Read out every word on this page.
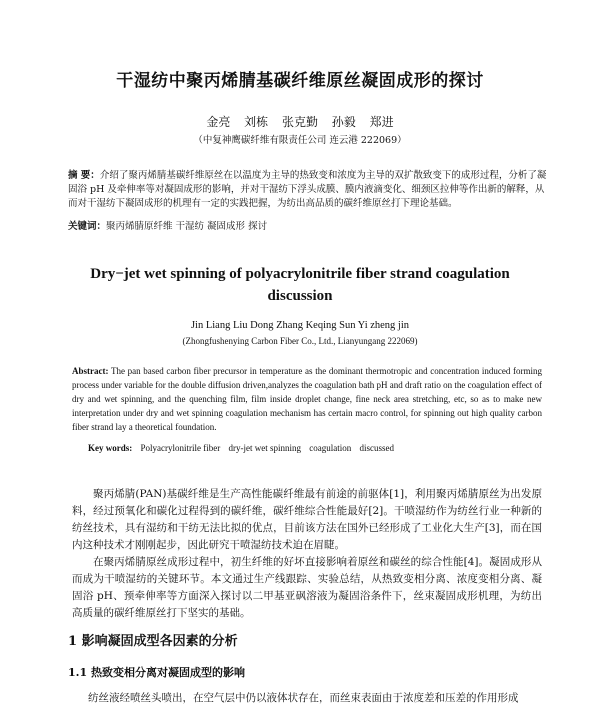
干湿纺中聚丙烯腈基碳纤维原丝凝固成形的探讨
金亮 刘栋 张克勤 孙毅 郑进
（中复神鹰碳纤维有限责任公司 连云港 222069）
摘 要：介绍了聚丙烯腈基碳纤维原丝在以温度为主导的热致变和浓度为主导的双扩散致变下的成形过程，分析了凝固浴 pH 及牵伸率等对凝固成形的影响，并对干湿纺下浮头成膜、膜内液滴变化、细颈区拉伸等作出新的解释，从而对干湿纺下凝固成形的机理有一定的实践把握，为纺出高品质的碳纤维原丝打下理论基础。
关键词：聚丙烯腈原纤维 干湿纺 凝固成形 探讨
Dry−jet wet spinning of polyacrylonitrile fiber strand coagulation discussion
Jin Liang Liu Dong Zhang Keqing Sun Yi zheng jin
(Zhongfushenying Carbon Fiber Co., Ltd., Lianyungang 222069)
Abstract: The pan based carbon fiber precursor in temperature as the dominant thermotropic and concentration induced forming process under variable for the double diffusion driven,analyzes the coagulation bath pH and draft ratio on the coagulation effect of dry and wet spinning, and the quenching film, film inside droplet change, fine neck area stretching, etc, so as to make new interpretation under dry and wet spinning coagulation mechanism has certain macro control, for spinning out high quality carbon fiber strand lay a theoretical foundation.
Key words: Polyacrylonitrile fiber dry-jet wet spinning coagulation discussed

聚丙烯腈(PAN)基碳纤维是生产高性能碳纤维最有前途的前驱体[1]，利用聚丙烯腈原丝为出发原料，经过预氧化和碳化过程得到的碳纤维，碳纤维综合性能最好[2]。干喷湿纺作为纺丝行业一种新的纺丝技术，具有湿纺和干纺无法比拟的优点，目前该方法在国外已经形成了工业化大生产[3]，而在国内这种技术才刚刚起步，因此研究干喷湿纺技术迫在眉睫。

在聚丙烯腈原丝成形过程中，初生纤维的好坏直接影响着原丝和碳丝的综合性能[4]。凝固成形从而成为干喷湿纺的关键环节。本文通过生产线跟踪、实验总结，从热致变相分离、浓度变相分离、凝固浴 pH、预牵伸率等方面深入探讨以二甲基亚砜溶液为凝固浴条件下，丝束凝固成形机理，为纺出高质量的碳纤维原丝打下坚实的基础。

1 影响凝固成型各因素的分析
1.1 热致变相分离对凝固成型的影响
纺丝液经喷丝头喷出，在空气层中仍以液体状存在，而丝束表面由于浓度差和压差的作用形成
